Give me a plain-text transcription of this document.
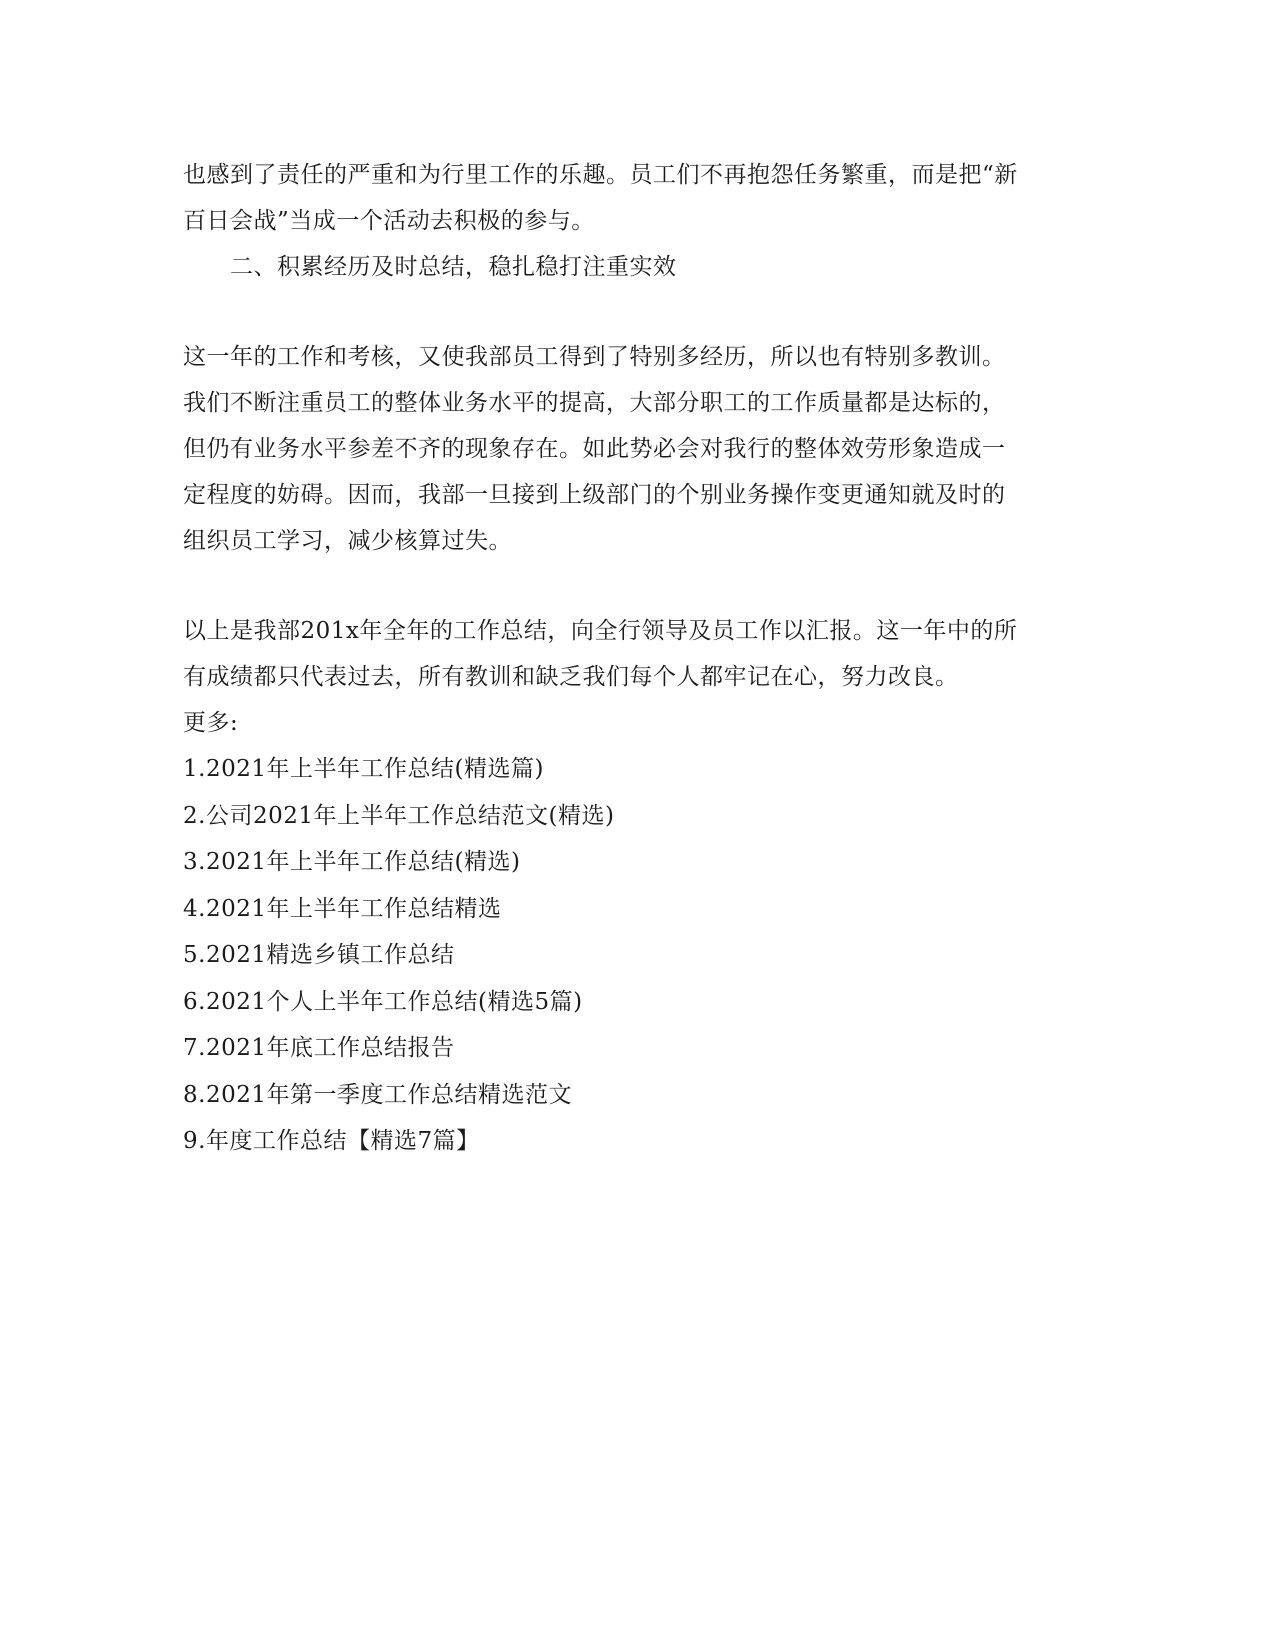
也感到了责任的严重和为行里工作的乐趣。员工们不再抱怨任务繁重，而是把“新
百日会战”当成一个活动去积极的参与。
二、积累经历及时总结，稳扎稳打注重实效
这一年的工作和考核，又使我部员工得到了特别多经历，所以也有特别多教训。
我们不断注重员工的整体业务水平的提高，大部分职工的工作质量都是达标的，
但仍有业务水平参差不齐的现象存在。如此势必会对我行的整体效劳形象造成一
定程度的妨碍。因而，我部一旦接到上级部门的个别业务操作变更通知就及时的
组织员工学习，减少核算过失。
以上是我部201x年全年的工作总结，向全行领导及员工作以汇报。这一年中的所
有成绩都只代表过去，所有教训和缺乏我们每个人都牢记在心，努力改良。
更多:
1.2021年上半年工作总结(精选篇)
2.公司2021年上半年工作总结范文(精选)
3.2021年上半年工作总结(精选)
4.2021年上半年工作总结精选
5.2021精选乡镇工作总结
6.2021个人上半年工作总结(精选5篇)
7.2021年底工作总结报告
8.2021年第一季度工作总结精选范文
9.年度工作总结【精选7篇】
